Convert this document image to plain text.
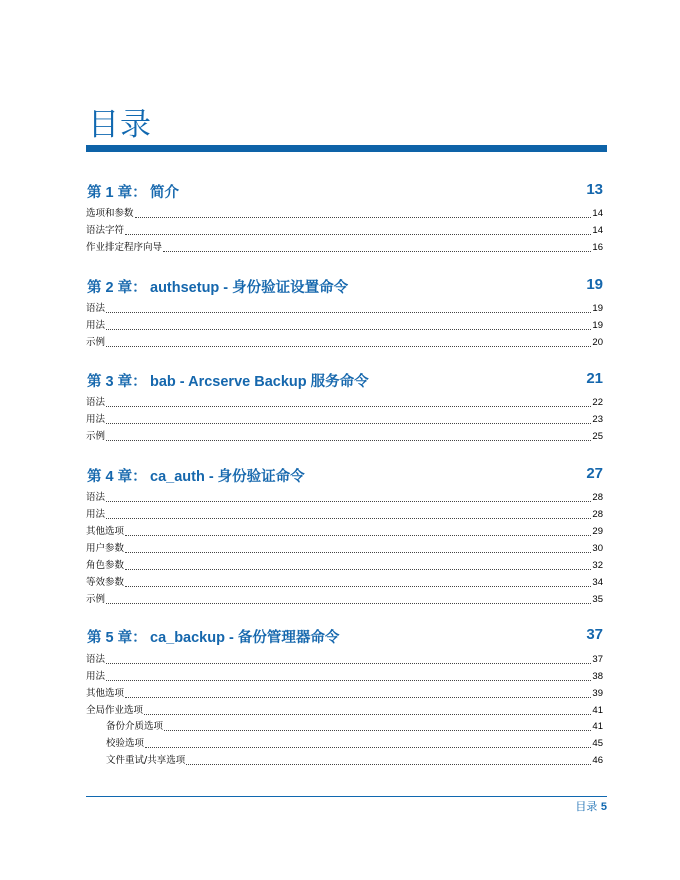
目录
第 1 章： 简介	13
选项和参数	14
语法字符	14
作业排定程序向导	16
第 2 章： authsetup - 身份验证设置命令	19
语法	19
用法	19
示例	20
第 3 章： bab - Arcserve Backup 服务命令	21
语法	22
用法	23
示例	25
第 4 章： ca_auth - 身份验证命令	27
语法	28
用法	28
其他选项	29
用户参数	30
角色参数	32
等效参数	34
示例	35
第 5 章： ca_backup - 备份管理器命令	37
语法	37
用法	38
其他选项	39
全局作业选项	41
备份介质选项	41
校验选项	45
文件重试/共享选项	46
目录 5
